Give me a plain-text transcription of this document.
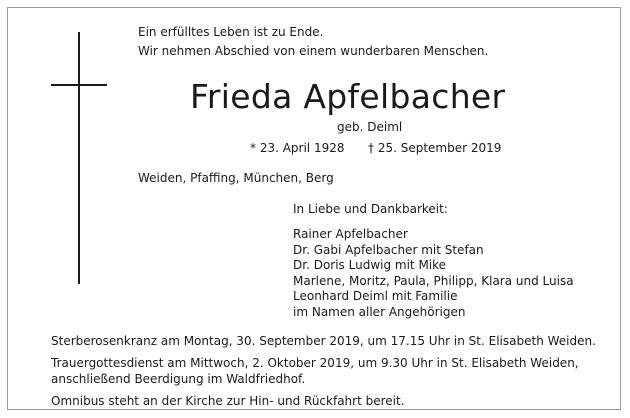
Ein erfülltes Leben ist zu Ende.

Wir nehmen Abschied von einem wunderbaren Menschen.

Frieda Apfelbacher

geb. Deiml

* 23. April 1928 † 25. September 2019

Weiden, Pfaffing, München, Berg

In Liebe und Dankbarkeit:

Rainer Apfelbacher
Dr. Gabi Apfelbacher mit Stefan
Dr. Doris Ludwig mit Mike
Marlene, Moritz, Paula, Philipp, Klara und Luisa
Leonhard Deiml mit Familie

im Namen aller Angehörigen

Sterberosenkranz am Montag, 30. September 2019, um 17.15 Uhr in St. Elisabeth Weiden.

Trauergottesdienst am Mittwoch, 2. Oktober 2019, um 9.30 Uhr in St. Elisabeth Weiden,

anschließend Beerdigung im Waldfriedhof.

Omnibus steht an der Kirche zur Hin- und Rückfahrt bereit.
